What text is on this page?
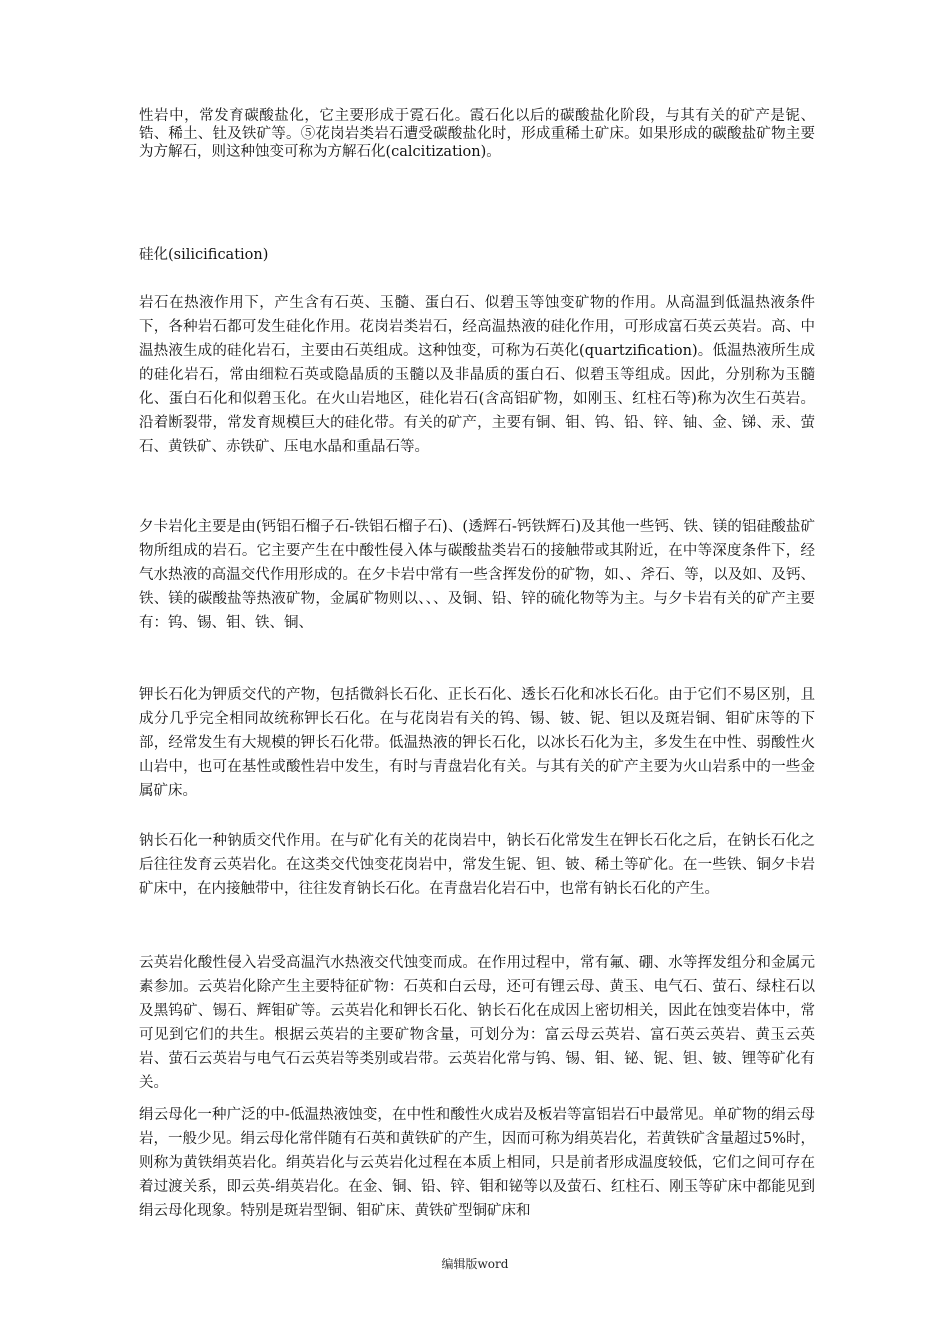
性岩中，常发育碳酸盐化，它主要形成于霓石化。霞石化以后的碳酸盐化阶段，与其有关的矿产是铌、锆、稀土、钍及铁矿等。⑤花岗岩类岩石遭受碳酸盐化时，形成重稀土矿床。如果形成的碳酸盐矿物主要为方解石，则这种蚀变可称为方解石化(calcitization)。

硅化(silicification)

岩石在热液作用下，产生含有石英、玉髓、蛋白石、似碧玉等蚀变矿物的作用。从高温到低温热液条件下，各种岩石都可发生硅化作用。花岗岩类岩石，经高温热液的硅化作用，可形成富石英云英岩。高、中温热液生成的硅化岩石，主要由石英组成。这种蚀变，可称为石英化(quartzification)。低温热液所生成的硅化岩石，常由细粒石英或隐晶质的玉髓以及非晶质的蛋白石、似碧玉等组成。因此，分别称为玉髓化、蛋白石化和似碧玉化。在火山岩地区，硅化岩石(含高铝矿物，如刚玉、红柱石等)称为次生石英岩。沿着断裂带，常发育规模巨大的硅化带。有关的矿产，主要有铜、钼、钨、铅、锌、铀、金、锑、汞、萤石、黄铁矿、赤铁矿、压电水晶和重晶石等。

夕卡岩化主要是由(钙铝石榴子石-铁铝石榴子石)、(透辉石-钙铁辉石)及其他一些钙、铁、镁的铝硅酸盐矿物所组成的岩石。它主要产生在中酸性侵入体与碳酸盐类岩石的接触带或其附近，在中等深度条件下，经气水热液的高温交代作用形成的。在夕卡岩中常有一些含挥发份的矿物，如、、斧石、等，以及如、及钙、铁、镁的碳酸盐等热液矿物，金属矿物则以、、、及铜、铅、锌的硫化物等为主。与夕卡岩有关的矿产主要有：钨、锡、钼、铁、铜、

钾长石化为钾质交代的产物，包括微斜长石化、正长石化、透长石化和冰长石化。由于它们不易区别，且成分几乎完全相同故统称钾长石化。在与花岗岩有关的钨、锡、铍、铌、钽以及斑岩铜、钼矿床等的下部，经常发生有大规模的钾长石化带。低温热液的钾长石化，以冰长石化为主，多发生在中性、弱酸性火山岩中，也可在基性或酸性岩中发生，有时与青盘岩化有关。与其有关的矿产主要为火山岩系中的一些金属矿床。

钠长石化一种钠质交代作用。在与矿化有关的花岗岩中，钠长石化常发生在钾长石化之后，在钠长石化之后往往发育云英岩化。在这类交代蚀变花岗岩中，常发生铌、钽、铍、稀土等矿化。在一些铁、铜夕卡岩矿床中，在内接触带中，往往发育钠长石化。在青盘岩化岩石中，也常有钠长石化的产生。

云英岩化酸性侵入岩受高温汽水热液交代蚀变而成。在作用过程中，常有氟、硼、水等挥发组分和金属元素参加。云英岩化除产生主要特征矿物：石英和白云母，还可有锂云母、黄玉、电气石、萤石、绿柱石以及黑钨矿、锡石、辉钼矿等。云英岩化和钾长石化、钠长石化在成因上密切相关，因此在蚀变岩体中，常可见到它们的共生。根据云英岩的主要矿物含量，可划分为：富云母云英岩、富石英云英岩、黄玉云英岩、萤石云英岩与电气石云英岩等类别或岩带。云英岩化常与钨、锡、钼、铋、铌、钽、铍、锂等矿化有关。

绢云母化一种广泛的中-低温热液蚀变，在中性和酸性火成岩及板岩等富铝岩石中最常见。单矿物的绢云母岩，一般少见。绢云母化常伴随有石英和黄铁矿的产生，因而可称为绢英岩化，若黄铁矿含量超过5%时，则称为黄铁绢英岩化。绢英岩化与云英岩化过程在本质上相同，只是前者形成温度较低，它们之间可存在着过渡关系，即云英-绢英岩化。在金、铜、铅、锌、钼和铋等以及萤石、红柱石、刚玉等矿床中都能见到绢云母化现象。特别是斑岩型铜、钼矿床、黄铁矿型铜矿床和

编辑版word
